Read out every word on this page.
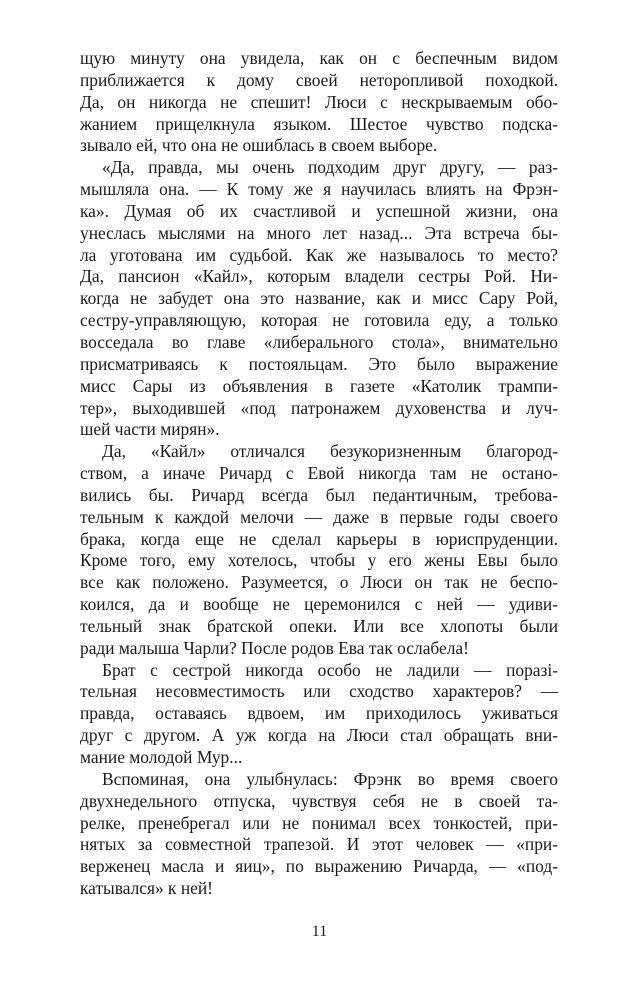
щую минуту она увидела, как он с беспечным видом
приближается к дому своей неторопливой походкой.
Да, он никогда не спешит! Люси с нескрываемым обо-
жанием прищелкнула языком. Шестое чувство подска-
зывало ей, что она не ошиблась в своем выборе.
«Да, правда, мы очень подходим друг другу, — раз-
мышляла она. — К тому же я научилась влиять на Фрэн-
ка». Думая об их счастливой и успешной жизни, она
унеслась мыслями на много лет назад... Эта встреча бы-
ла уготована им судьбой. Как же называлось то место?
Да, пансион «Кайл», которым владели сестры Рой. Ни-
когда не забудет она это название, как и мисс Сару Рой,
сестру-управляющую, которая не готовила еду, а только
восседала во главе «либерального стола», внимательно
присматриваясь к постояльцам. Это было выражение
мисс Сары из объявления в газете «Католик трампи-
тер», выходившей «под патронажем духовенства и луч-
шей части мирян».
Да, «Кайл» отличался безукоризненным благород-
ством, а иначе Ричард с Евой никогда там не остано-
вились бы. Ричард всегда был педантичным, требова-
тельным к каждой мелочи — даже в первые годы своего
брака, когда еще не сделал карьеры в юриспруденции.
Кроме того, ему хотелось, чтобы у его жены Евы было
все как положено. Разумеется, о Люси он так не беспо-
коился, да и вообще не церемонился с ней — удиви-
тельный знак братской опеки. Или все хлопоты были
ради малыша Чарли? После родов Ева так ослабела!
Брат с сестрой никогда особо не ладили — поразі-
тельная несовместимость или сходство характеров? —
правда, оставаясь вдвоем, им приходилось уживаться
друг с другом. А уж когда на Люси стал обращать вни-
мание молодой Мур...
Вспоминая, она улыбнулась: Фрэнк во время своего
двухнедельного отпуска, чувствуя себя не в своей та-
релке, пренебрегал или не понимал всех тонкостей, при-
нятых за совместной трапезой. И этот человек — «при-
верженец масла и яиц», по выражению Ричарда, — «под-
катывался» к ней!
11
